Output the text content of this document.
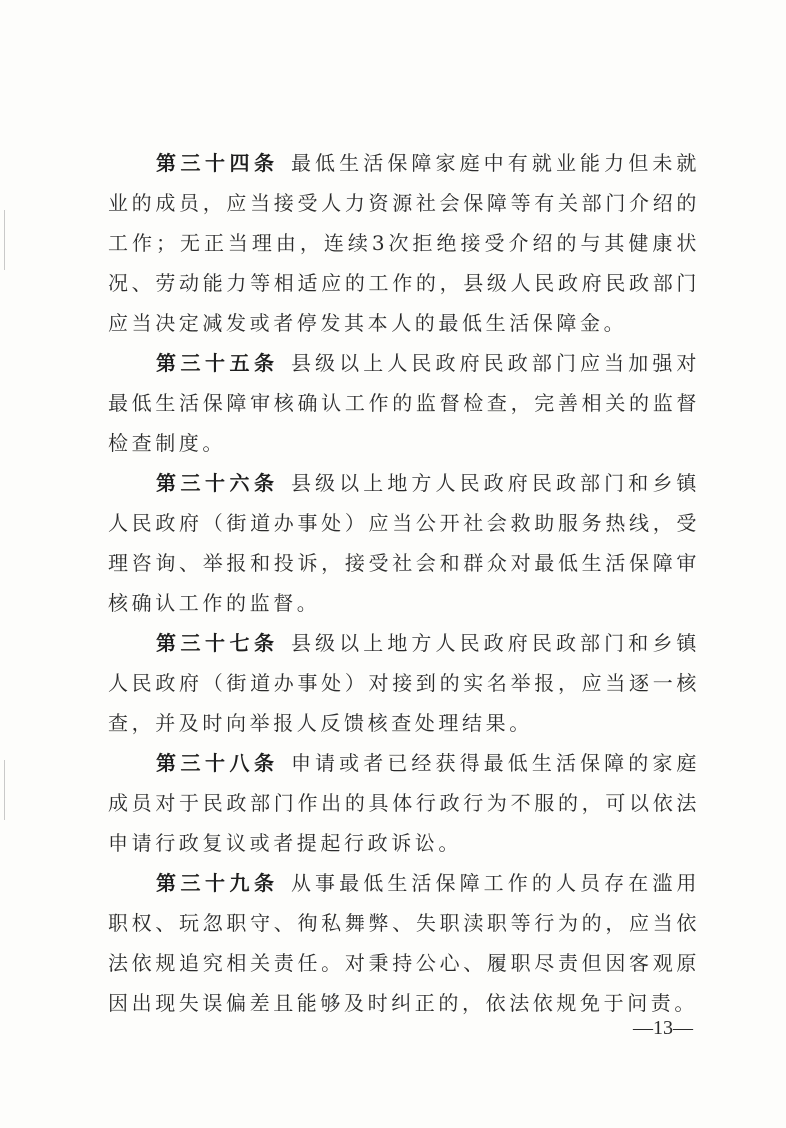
第三十四条 最低生活保障家庭中有就业能力但未就业的成员，应当接受人力资源社会保障等有关部门介绍的工作；无正当理由，连续3次拒绝接受介绍的与其健康状况、劳动能力等相适应的工作的，县级人民政府民政部门应当决定减发或者停发其本人的最低生活保障金。

第三十五条 县级以上人民政府民政部门应当加强对最低生活保障审核确认工作的监督检查，完善相关的监督检查制度。

第三十六条 县级以上地方人民政府民政部门和乡镇人民政府（街道办事处）应当公开社会救助服务热线，受理咨询、举报和投诉，接受社会和群众对最低生活保障审核确认工作的监督。

第三十七条 县级以上地方人民政府民政部门和乡镇人民政府（街道办事处）对接到的实名举报，应当逐一核查，并及时向举报人反馈核查处理结果。

第三十八条 申请或者已经获得最低生活保障的家庭成员对于民政部门作出的具体行政行为不服的，可以依法申请行政复议或者提起行政诉讼。

第三十九条 从事最低生活保障工作的人员存在滥用职权、玩忽职守、徇私舞弊、失职渎职等行为的，应当依法依规追究相关责任。对秉持公心、履职尽责但因客观原因出现失误偏差且能够及时纠正的，依法依规免于问责。

—13—
